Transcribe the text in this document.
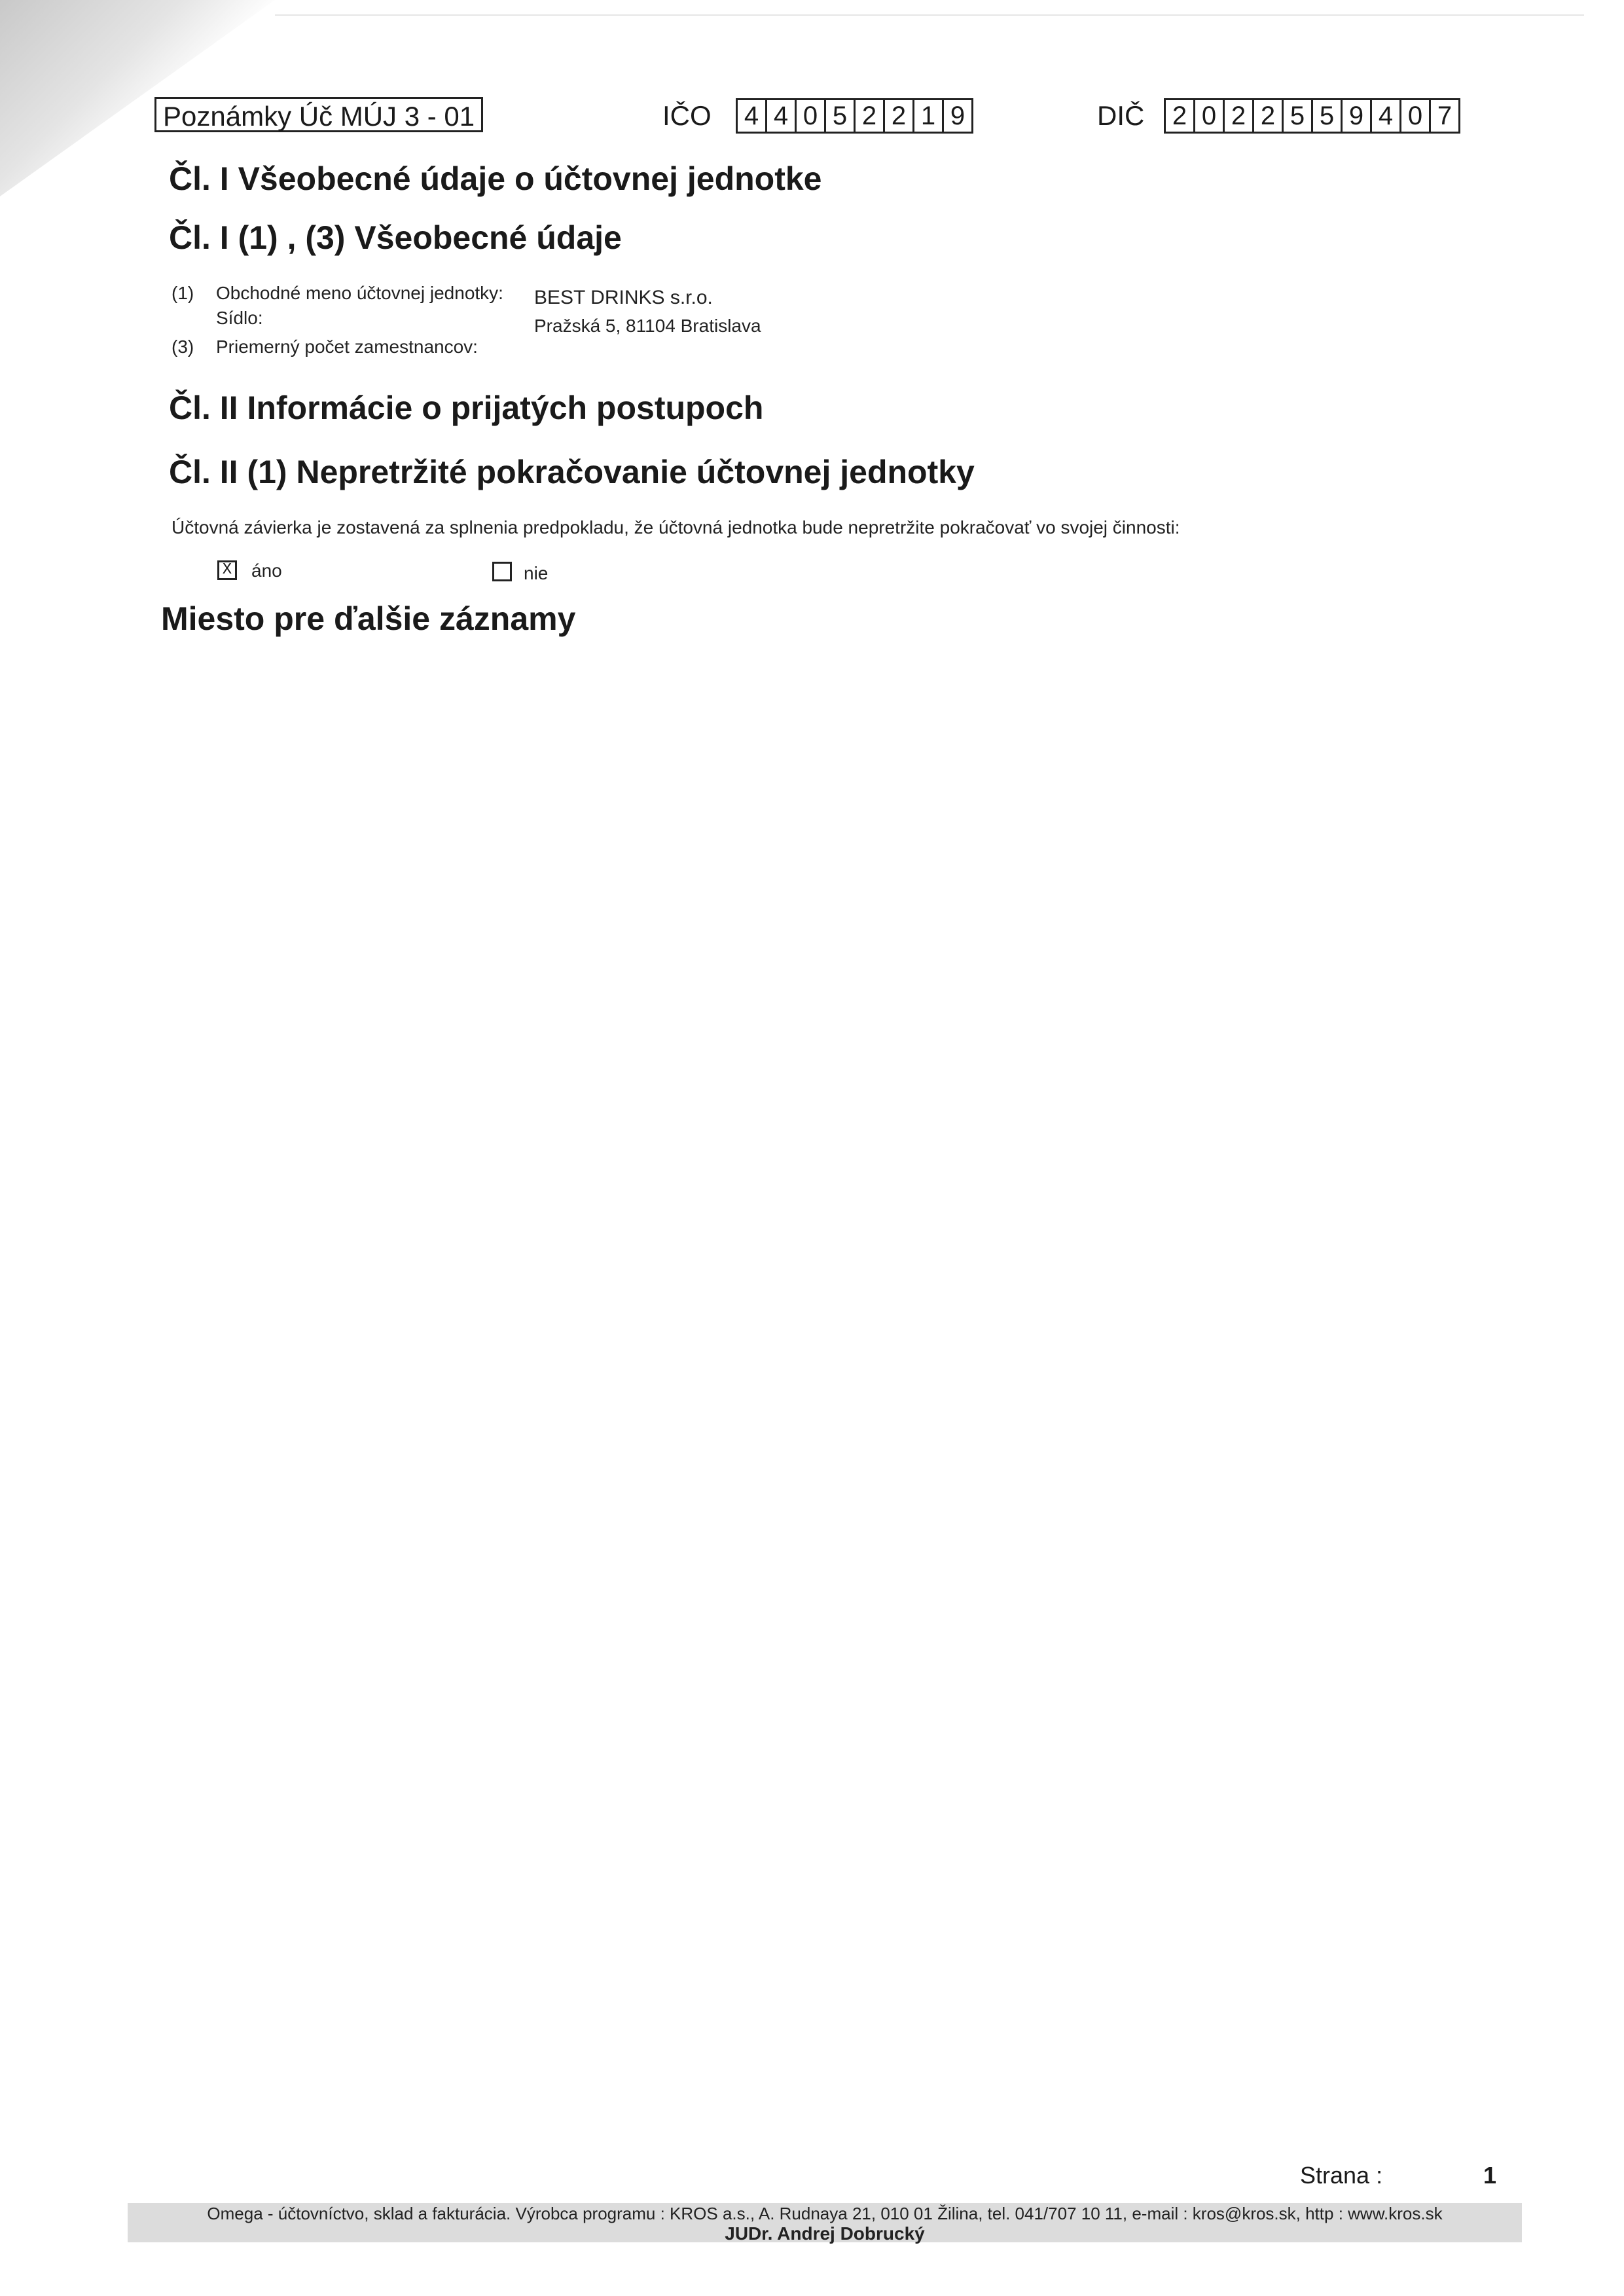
Poznámky Úč MÚJ 3 - 01	IČO 4 4 0 5 2 2 1 9	DIČ 2 0 2 2 5 5 9 4 0 7
Čl. I Všeobecné údaje o účtovnej jednotke
Čl. I (1) , (3) Všeobecné údaje
(1) Obchodné meno účtovnej jednotky: BEST DRINKS s.r.o.
Sídlo:	Pražská 5, 81104 Bratislava
(3) Priemerný počet zamestnancov:
Čl. II Informácie o prijatých postupoch
Čl. II (1) Nepretržité pokračovanie účtovnej jednotky
Účtovná závierka je zostavená za splnenia predpokladu, že účtovná jednotka bude nepretržite pokračovať vo svojej činnosti:
X áno	nie
Miesto pre ďalšie záznamy
Strana :	1
Omega - účtovníctvo, sklad a fakturácia. Výrobca programu : KROS a.s., A. Rudnaya 21, 010 01 Žilina, tel. 041/707 10 11, e-mail : kros@kros.sk, http : www.kros.sk
JUDr. Andrej Dobrucký
